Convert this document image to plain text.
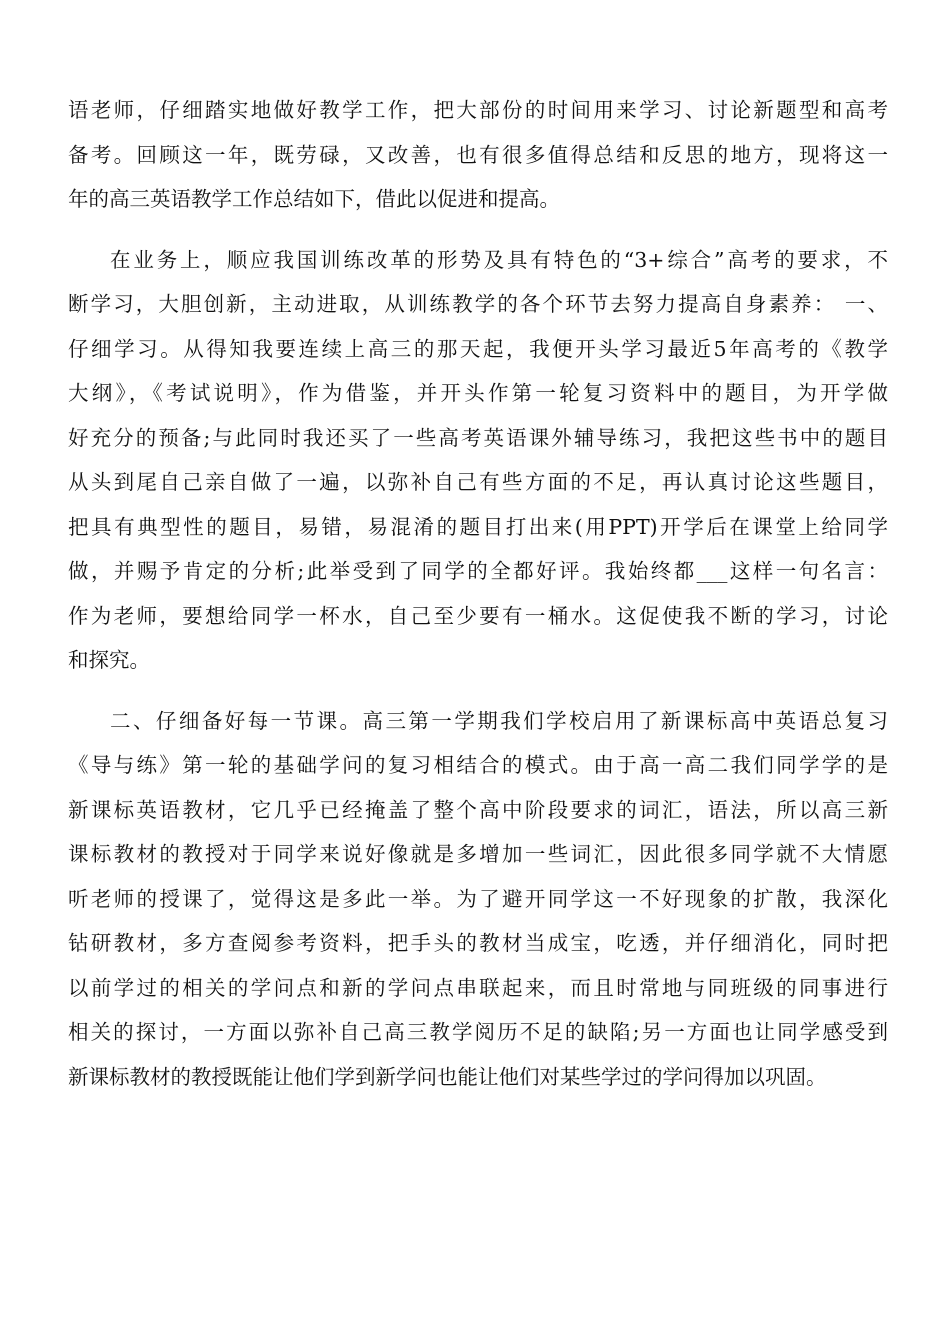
语老师，仔细踏实地做好教学工作，把大部份的时间用来学习、讨论新题型和高考
备考。回顾这一年，既劳碌，又改善，也有很多值得总结和反思的地方，现将这一
年的高三英语教学工作总结如下，借此以促进和提高。
在业务上，顺应我国训练改革的形势及具有特色的“3+综合”高考的要求，不
断学习，大胆创新，主动进取，从训练教学的各个环节去努力提高自身素养： 一、
仔细学习。从得知我要连续上高三的那天起，我便开头学习最近5年高考的《教学
大纲》，《考试说明》，作为借鉴，并开头作第一轮复习资料中的题目，为开学做
好充分的预备;与此同时我还买了一些高考英语课外辅导练习，我把这些书中的题目
从头到尾自己亲自做了一遍，以弥补自己有些方面的不足，再认真讨论这些题目，
把具有典型性的题目，易错，易混淆的题目打出来(用PPT)开学后在课堂上给同学
做，并赐予肯定的分析;此举受到了同学的全都好评。我始终都___这样一句名言：
作为老师，要想给同学一杯水，自己至少要有一桶水。这促使我不断的学习，讨论
和探究。
二、仔细备好每一节课。高三第一学期我们学校启用了新课标高中英语总复习
《导与练》第一轮的基础学问的复习相结合的模式。由于高一高二我们同学学的是
新课标英语教材，它几乎已经掩盖了整个高中阶段要求的词汇，语法，所以高三新
课标教材的教授对于同学来说好像就是多增加一些词汇，因此很多同学就不大情愿
听老师的授课了，觉得这是多此一举。为了避开同学这一不好现象的扩散，我深化
钻研教材，多方查阅参考资料，把手头的教材当成宝，吃透，并仔细消化，同时把
以前学过的相关的学问点和新的学问点串联起来，而且时常地与同班级的同事进行
相关的探讨，一方面以弥补自己高三教学阅历不足的缺陷;另一方面也让同学感受到
新课标教材的教授既能让他们学到新学问也能让他们对某些学过的学问得加以巩固。
